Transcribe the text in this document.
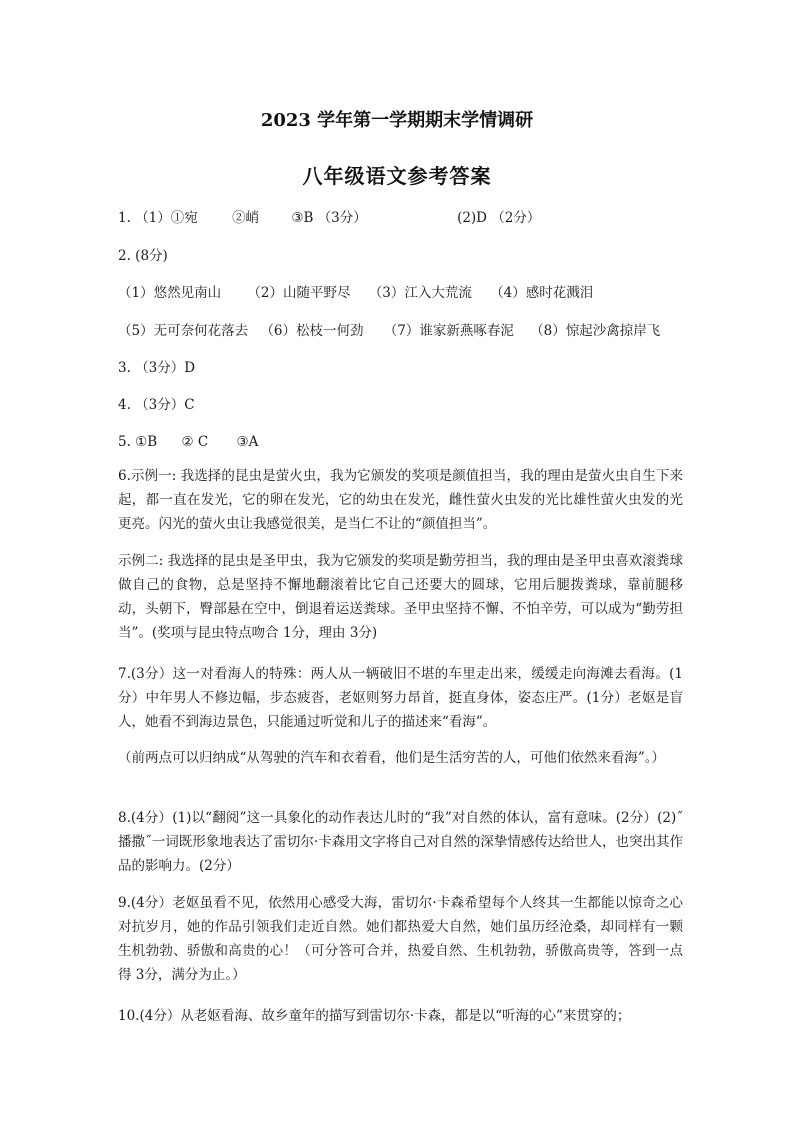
2023 学年第一学期期末学情调研
八年级语文参考答案
1. （1）①宛	②峭 ③B （3分）	(2)D （2分）
2. (8分)
（1）悠然见南山 （2）山随平野尽 （3）江入大荒流 （4）感时花溅泪
（5）无可奈何花落去 （6）松枝一何劲 （7）谁家新燕啄春泥 （8）惊起沙禽掠岸飞
3. （3分）D
4. （3分）C
5. ①B ② C ③A
6.示例一: 我选择的昆虫是萤火虫，我为它颁发的奖项是颜值担当，我的理由是萤火虫自生下来起，都一直在发光，它的卵在发光，它的幼虫在发光，雌性萤火虫发的光比雄性萤火虫发的光更亮。闪光的萤火虫让我感觉很美，是当仁不让的“颜值担当”。
示例二: 我选择的昆虫是圣甲虫，我为它颁发的奖项是勤劳担当，我的理由是圣甲虫喜欢滚粪球做自己的食物，总是坚持不懈地翻滚着比它自己还要大的圆球，它用后腿拨粪球，靠前腿移动，头朝下，臀部悬在空中，倒退着运送粪球。圣甲虫坚持不懈、不怕辛劳，可以成为“勤劳担当”。(奖项与昆虫特点吻合 1分，理由 3分)
7.(3分）这一对看海人的特殊：两人从一辆破旧不堪的车里走出来，缓缓走向海滩去看海。(1分）中年男人不修边幅，步态疲沓，老妪则努力昂首，挺直身体，姿态庄严。(1分）老妪是盲人，她看不到海边景色，只能通过听觉和儿子的描述来“看海”。
（前两点可以归纳成“从驾驶的汽车和衣着看，他们是生活穷苦的人，可他们依然来看海”。）
8.(4分）(1)以“翻阅”这一具象化的动作表达儿时的“我”对自然的体认，富有意味。(2分）(2)˝播撒˝一词既形象地表达了雷切尔·卡森用文字将自己对自然的深挚情感传达给世人，也突出其作品的影响力。(2分）
9.(4分）老妪虽看不见，依然用心感受大海，雷切尔·卡森希望每个人终其一生都能以惊奇之心对抗岁月，她的作品引领我们走近自然。她们都热爱大自然，她们虽历经沧桑，却同样有一颗生机勃勃、骄傲和高贵的心！（可分答可合并，热爱自然、生机勃勃，骄傲高贵等，答到一点得 3分，满分为止。）
10.(4分）从老妪看海、故乡童年的描写到雷切尔·卡森，都是以“听海的心”来贯穿的；
